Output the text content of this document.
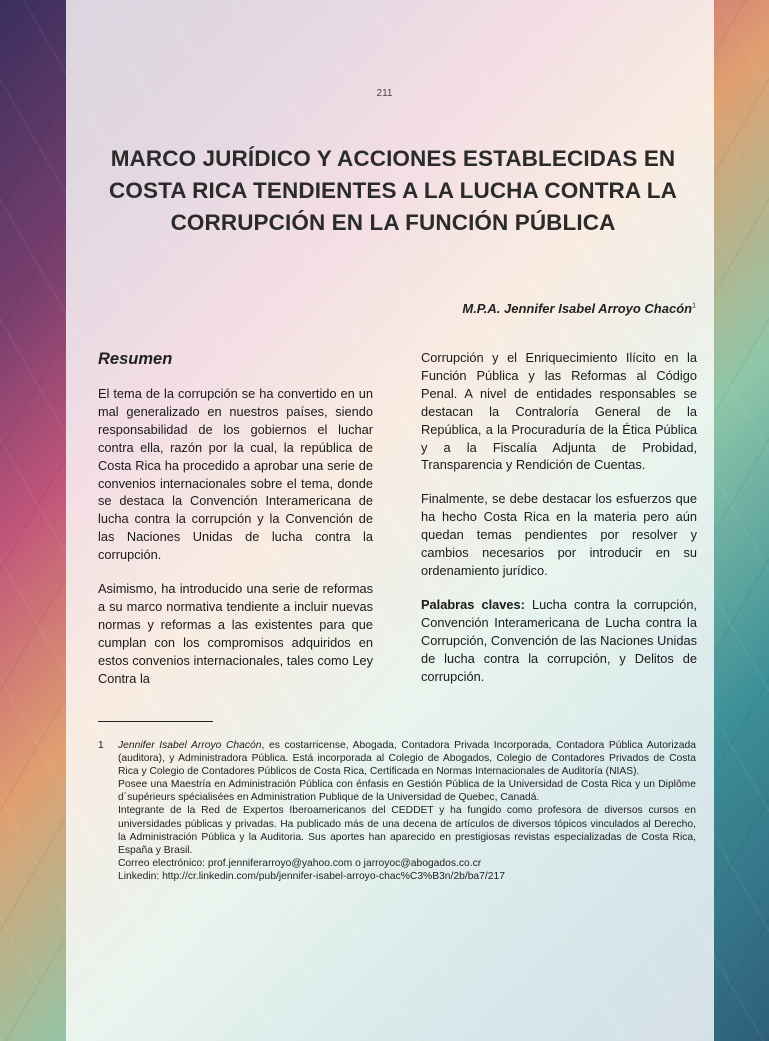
211
MARCO JURÍDICO Y ACCIONES ESTABLECIDAS EN COSTA RICA TENDIENTES A LA LUCHA CONTRA LA CORRUPCIÓN EN LA FUNCIÓN PÚBLICA
M.P.A. Jennifer Isabel Arroyo Chacón$^1$
Resumen

El tema de la corrupción se ha convertido en un mal generalizado en nuestros países, siendo responsabilidad de los gobiernos el luchar contra ella, razón por la cual, la república de Costa Rica ha procedido a aprobar una serie de convenios internacionales sobre el tema, donde se destaca la Convención Interamericana de lucha contra la corrupción y la Convención de las Naciones Unidas de lucha contra la corrupción.

Asimismo, ha introducido una serie de reformas a su marco normativa tendiente a incluir nuevas normas y reformas a las existentes para que cumplan con los compromisos adquiridos en estos convenios internacionales, tales como Ley Contra la

Corrupción y el Enriquecimiento Ilícito en la Función Pública y las Reformas al Código Penal. A nivel de entidades responsables se destacan la Contraloría General de la República, a la Procuraduría de la Ética Pública y a la Fiscalía Adjunta de Probidad, Transparencia y Rendición de Cuentas.

Finalmente, se debe destacar los esfuerzos que ha hecho Costa Rica en la materia pero aún quedan temas pendientes por resolver y cambios necesarios por introducir en su ordenamiento jurídico.

Palabras claves: Lucha contra la corrupción, Convención Interamericana de Lucha contra la Corrupción, Convención de las Naciones Unidas de lucha contra la corrupción, y Delitos de corrupción.

1 Jennifer Isabel Arroyo Chacón, es costarricense, Abogada, Contadora Privada Incorporada, Contadora Pública Autorizada (auditora), y Administradora Pública. Está incorporada al Colegio de Abogados, Colegio de Contadores Privados de Costa Rica y Colegio de Contadores Públicos de Costa Rica, Certificada en Normas Internacionales de Auditoría (NIAS).

Posee una Maestría en Administración Pública con énfasis en Gestión Pública de la Universidad de Costa Rica y un Diplôme d´supérieurs spécialisées en Administration Publique de la Universidad de Quebec, Canadá.

Integrante de la Red de Expertos Iberoamericanos del CEDDET y ha fungido como profesora de diversos cursos en universidades públicas y privadas. Ha publicado más de una decena de artículos de diversos tópicos vinculados al Derecho, la Administración Pública y la Auditoria. Sus aportes han aparecido en prestigiosas revistas especializadas de Costa Rica, España y Brasil.

Correo electrónico: prof.jenniferarroyo@yahoo.com o jarroyoc@abogados.co.cr

Linkedin: http://cr.linkedin.com/pub/jennifer-isabel-arroyo-chac%C3%B3n/2b/ba7/217
